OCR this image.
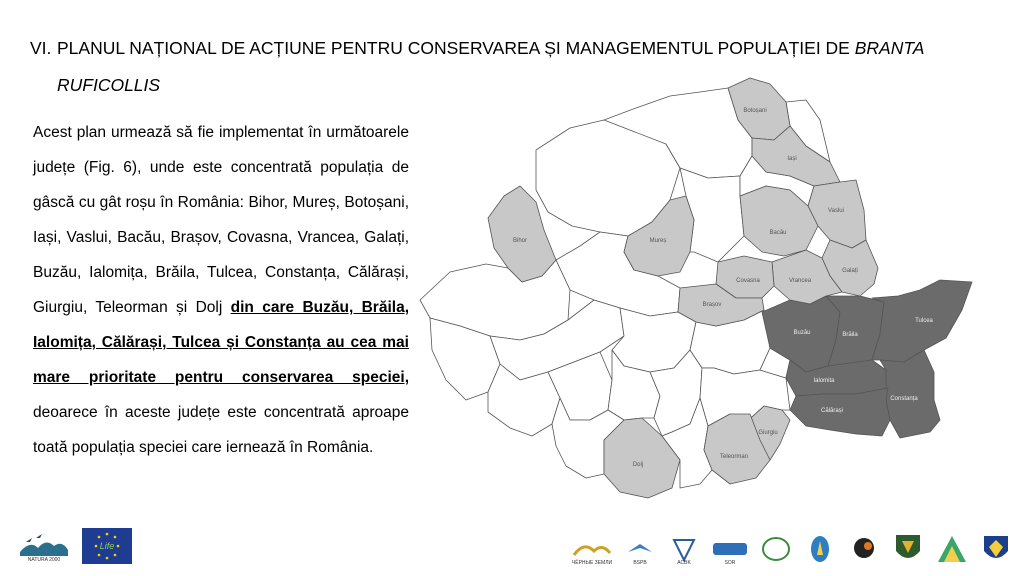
VI. PLANUL NAȚIONAL DE ACȚIUNE PENTRU CONSERVAREA ȘI MANAGEMENTUL POPULAȚIEI DE BRANTA
RUFICOLLIS
Acest plan urmează să fie implementat în următoarele județe (Fig. 6), unde este concentrată populația de gâscă cu gât roșu în România: Bihor, Mureș, Botoșani, Iași, Vaslui, Bacău, Brașov, Covasna, Vrancea, Galați, Buzău, Ialomița, Brăila, Tulcea, Constanța, Călărași, Giurgiu, Teleorman și Dolj din care Buzău, Brăila, Ialomița, Călărași, Tulcea și Constanța au cea mai mare prioritate pentru conservarea speciei, deoarece în aceste județe este concentrată aproape toată populația speciei care iernează în România.
Buzău	Brăila
Tulcea
Ialomita
Constanța
Călărași
Botoșani
Iași
Vaslui
Bacău
Galați
Vrancea
Covasna
Brașov
Mureș
Bihor
Giurgiu
Teleorman
Dolj
NATURA 2000
Life
ЧЁРНЫЕ ЗЕМЛИ	BSPB	ACBK	SOR
